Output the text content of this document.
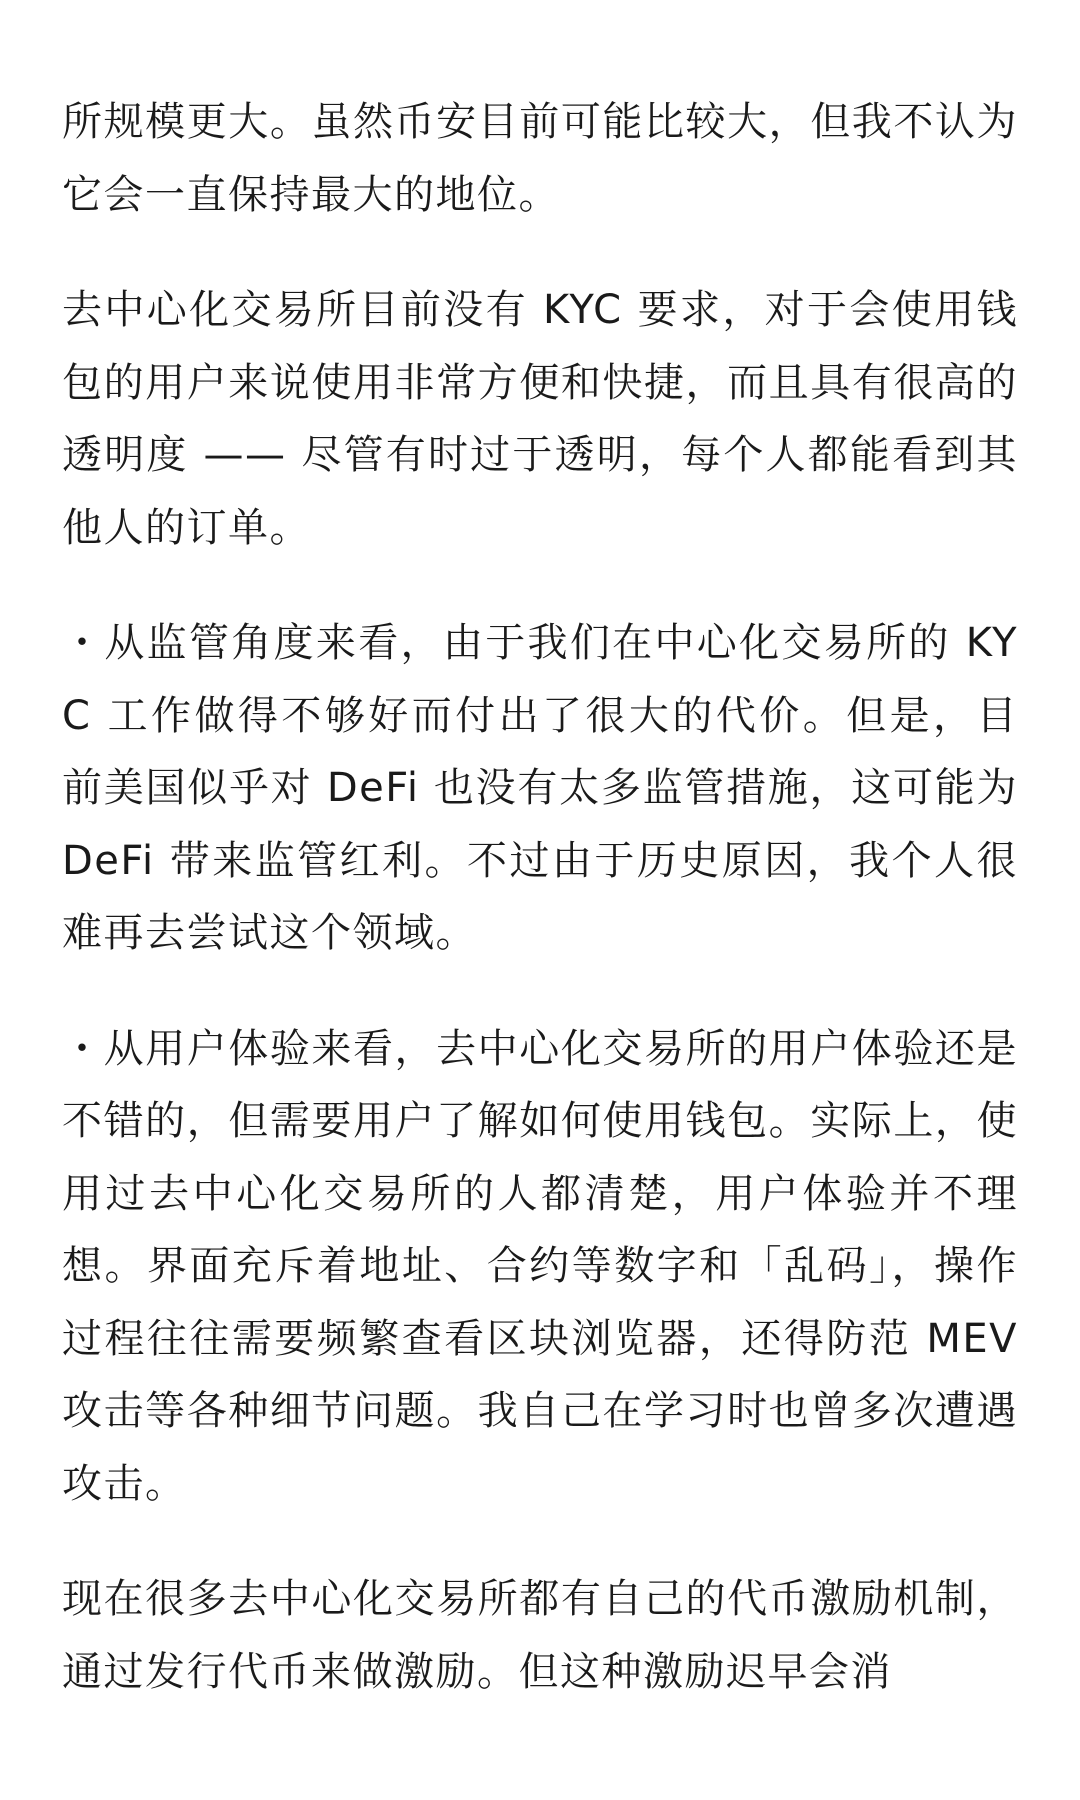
所规模更大。虽然币安目前可能比较大，但我不认为它会一直保持最大的地位。

去中心化交易所目前没有 KYC 要求，对于会使用钱包的用户来说使用非常方便和快捷，而且具有很高的透明度 —— 尽管有时过于透明，每个人都能看到其他人的订单。

・从监管角度来看，由于我们在中心化交易所的 KYC 工作做得不够好而付出了很大的代价。但是，目前美国似乎对 DeFi 也没有太多监管措施，这可能为 DeFi 带来监管红利。不过由于历史原因，我个人很难再去尝试这个领域。

・从用户体验来看，去中心化交易所的用户体验还是不错的，但需要用户了解如何使用钱包。实际上，使用过去中心化交易所的人都清楚，用户体验并不理想。界面充斥着地址、合约等数字和「乱码」，操作过程往往需要频繁查看区块浏览器，还得防范 MEV 攻击等各种细节问题。我自己在学习时也曾多次遭遇攻击。

现在很多去中心化交易所都有自己的代币激励机制，通过发行代币来做激励。但这种激励迟早会消
